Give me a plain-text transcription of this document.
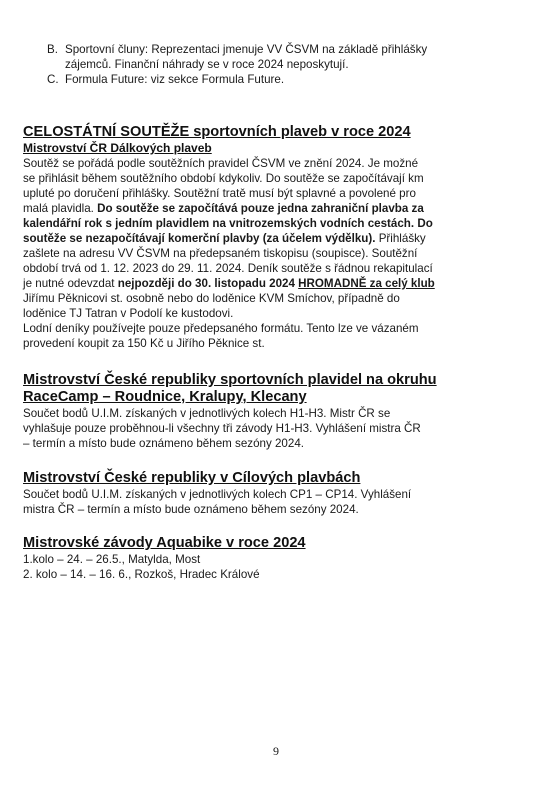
B. Sportovní čluny: Reprezentaci jmenuje VV ČSVM na základě přihlášky
zájemců. Finanční náhrady se v roce 2024 neposkytují.
C. Formula Future: viz sekce Formula Future.
CELOSTÁTNÍ SOUTĚŽE sportovních plaveb v roce 2024
Mistrovství ČR Dálkových plaveb

Soutěž se pořádá podle soutěžních pravidel ČSVM ve znění 2024. Je možné
se přihlásit během soutěžního období kdykoliv. Do soutěže se započítávají km
upluté po doručení přihlášky. Soutěžní tratě musí být splavné a povolené pro
malá plavidla. Do soutěže se započítává pouze jedna zahraniční plavba za
kalendářní rok s jedním plavidlem na vnitrozemských vodních cestách. Do
soutěže se nezapočítávají komerční plavby (za účelem výdělku). Přihlášky
zašlete na adresu VV ČSVM na předepsaném tiskopisu (soupisce). Soutěžní
období trvá od 1. 12. 2023 do 29. 11. 2024. Deník soutěže s řádnou rekapitulací
je nutné odevzdat nejpozději do 30. listopadu 2024 HROMADNĚ za celý klub
Jiřímu Pěknicovi st. osobně nebo do loděnice KVM Smíchov, případně do
loděnice TJ Tatran v Podolí ke kustodovi.
Lodní deníky používejte pouze předepsaného formátu. Tento lze ve vázaném
provedení koupit za 150 Kč u Jiřího Pěknice st.

Mistrovství České republiky sportovních plavidel na okruhu
RaceCamp – Roudnice, Kralupy, Klecany

Součet bodů U.I.M. získaných v jednotlivých kolech H1-H3. Mistr ČR se
vyhlašuje pouze proběhnou-li všechny tři závody H1-H3. Vyhlášení mistra ČR
– termín a místo bude oznámeno během sezóny 2024.

Mistrovství České republiky v Cílových plavbách

Součet bodů U.I.M. získaných v jednotlivých kolech CP1 – CP14. Vyhlášení
mistra ČR – termín a místo bude oznámeno během sezóny 2024.

Mistrovské závody Aquabike v roce 2024

1.kolo – 24. – 26.5., Matylda, Most
2. kolo – 14. – 16. 6., Rozkoš, Hradec Králové

9
